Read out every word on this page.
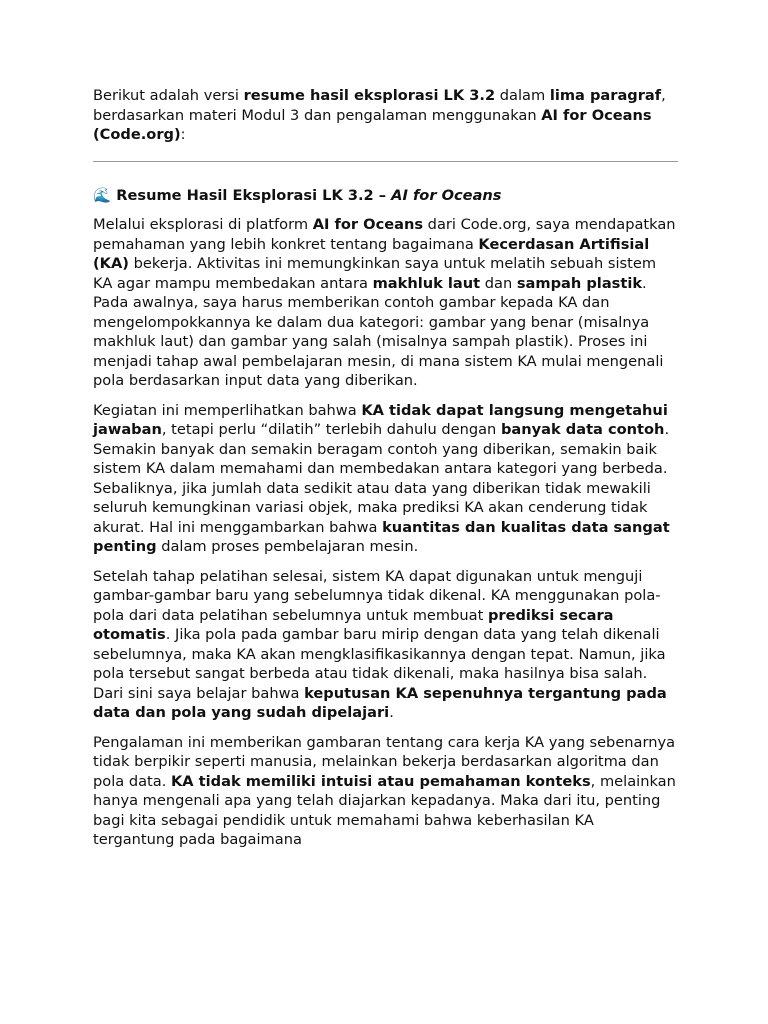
Berikut adalah versi resume hasil eksplorasi LK 3.2 dalam lima paragraf, berdasarkan materi Modul 3 dan pengalaman menggunakan AI for Oceans (Code.org):

🌊 Resume Hasil Eksplorasi LK 3.2 – AI for Oceans

Melalui eksplorasi di platform AI for Oceans dari Code.org, saya mendapatkan pemahaman yang lebih konkret tentang bagaimana Kecerdasan Artifisial (KA) bekerja. Aktivitas ini memungkinkan saya untuk melatih sebuah sistem KA agar mampu membedakan antara makhluk laut dan sampah plastik. Pada awalnya, saya harus memberikan contoh gambar kepada KA dan mengelompokkannya ke dalam dua kategori: gambar yang benar (misalnya makhluk laut) dan gambar yang salah (misalnya sampah plastik). Proses ini menjadi tahap awal pembelajaran mesin, di mana sistem KA mulai mengenali pola berdasarkan input data yang diberikan.

Kegiatan ini memperlihatkan bahwa KA tidak dapat langsung mengetahui jawaban, tetapi perlu “dilatih” terlebih dahulu dengan banyak data contoh. Semakin banyak dan semakin beragam contoh yang diberikan, semakin baik sistem KA dalam memahami dan membedakan antara kategori yang berbeda. Sebaliknya, jika jumlah data sedikit atau data yang diberikan tidak mewakili seluruh kemungkinan variasi objek, maka prediksi KA akan cenderung tidak akurat. Hal ini menggambarkan bahwa kuantitas dan kualitas data sangat penting dalam proses pembelajaran mesin.

Setelah tahap pelatihan selesai, sistem KA dapat digunakan untuk menguji gambar-gambar baru yang sebelumnya tidak dikenal. KA menggunakan pola-pola dari data pelatihan sebelumnya untuk membuat prediksi secara otomatis. Jika pola pada gambar baru mirip dengan data yang telah dikenali sebelumnya, maka KA akan mengklasifikasikannya dengan tepat. Namun, jika pola tersebut sangat berbeda atau tidak dikenali, maka hasilnya bisa salah. Dari sini saya belajar bahwa keputusan KA sepenuhnya tergantung pada data dan pola yang sudah dipelajari.

Pengalaman ini memberikan gambaran tentang cara kerja KA yang sebenarnya tidak berpikir seperti manusia, melainkan bekerja berdasarkan algoritma dan pola data. KA tidak memiliki intuisi atau pemahaman konteks, melainkan hanya mengenali apa yang telah diajarkan kepadanya. Maka dari itu, penting bagi kita sebagai pendidik untuk memahami bahwa keberhasilan KA tergantung pada bagaimana
